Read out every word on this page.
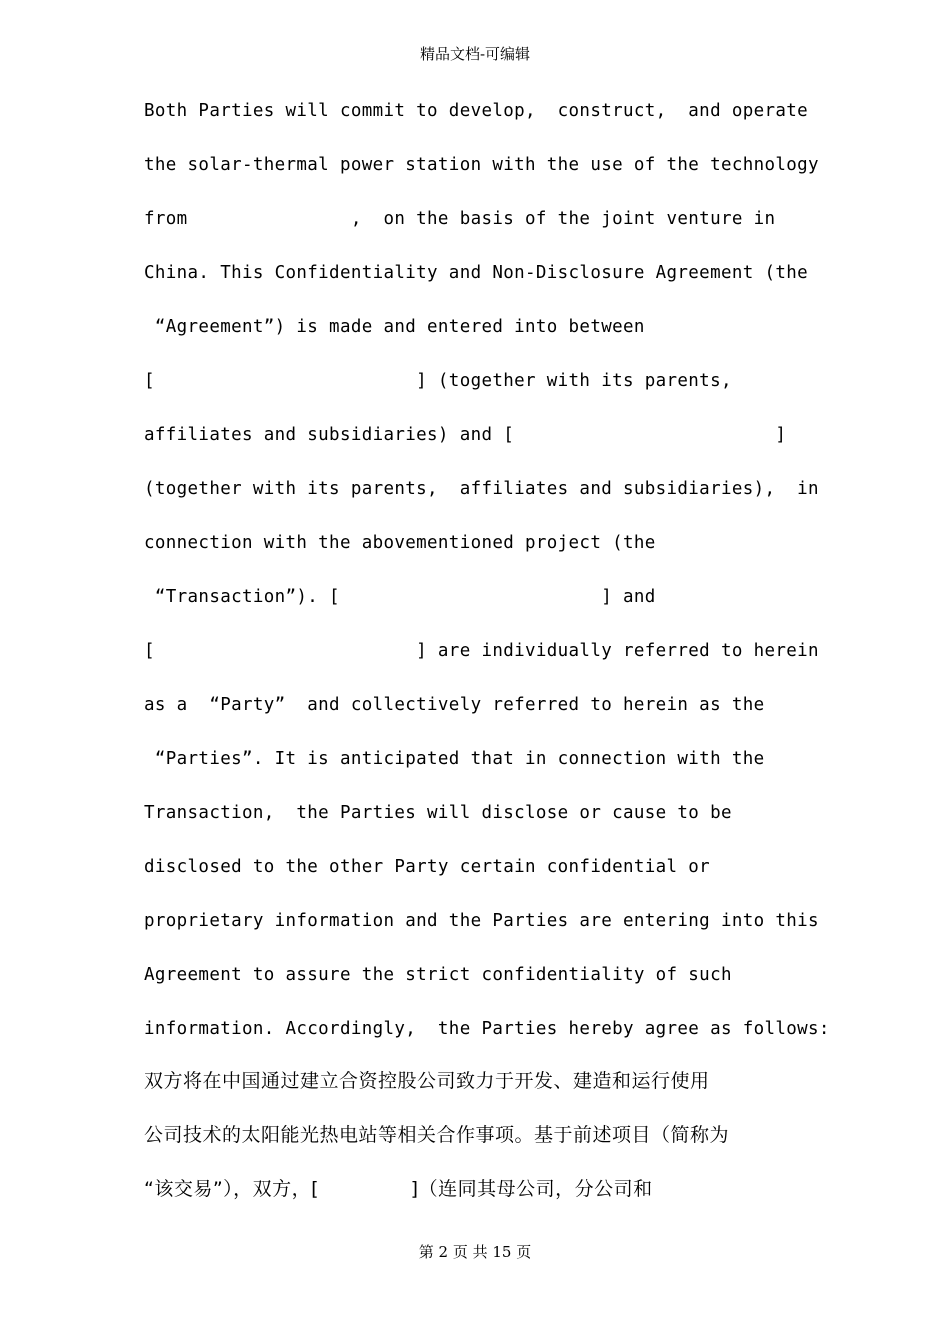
精品文档-可编辑
Both Parties will commit to develop,  construct,  and operate
the solar-thermal power station with the use of the technology
from               ,  on the basis of the joint venture in
China. This Confidentiality and Non-Disclosure Agreement (the
“Agreement”) is made and entered into between
[                        ] (together with its parents,
affiliates and subsidiaries) and [                        ]
(together with its parents,  affiliates and subsidiaries),  in
connection with the abovementioned project (the
“Transaction”). [                        ] and
[                        ] are individually referred to herein
as a  “Party”  and collectively referred to herein as the
“Parties”. It is anticipated that in connection with the
Transaction,  the Parties will disclose or cause to be
disclosed to the other Party certain confidential or
proprietary information and the Parties are entering into this
Agreement to assure the strict confidentiality of such
information. Accordingly,  the Parties hereby agree as follows:
双方将在中国通过建立合资控股公司致力于开发、建造和运行使用
公司技术的太阳能光热电站等相关合作事项。基于前述项目（简称为
“该交易”），双方，[              ]（连同其母公司，分公司和
第 2 页 共 15 页
